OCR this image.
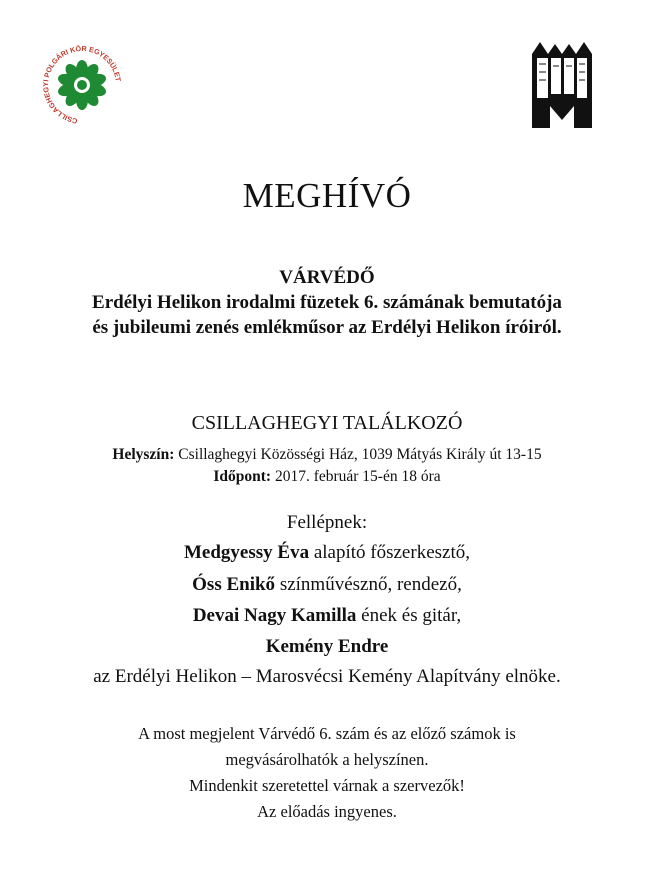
CSILLAGHEGYI POLGÁRI KÖR EGYESÜLET
MEGHÍVÓ
VÁRVÉDŐ
Erdélyi Helikon irodalmi füzetek 6. számának bemutatója
és jubileumi zenés emlékműsor az Erdélyi Helikon íróiról.
CSILLAGHEGYI TALÁLKOZÓ
Helyszín: Csillaghegyi Közösségi Ház, 1039 Mátyás Király út 13-15
Időpont: 2017. február 15-én 18 óra
Fellépnek:
Medgyessy Éva alapító főszerkesztő,
Óss Enikő színművésznő, rendező,
Devai Nagy Kamilla ének és gitár,
Kemény Endre
az Erdélyi Helikon – Marosvécsi Kemény Alapítvány elnöke.
A most megjelent Várvédő 6. szám és az előző számok is
megvásárolhatók a helyszínen.
Mindenkit szeretettel várnak a szervezők!
Az előadás ingyenes.
